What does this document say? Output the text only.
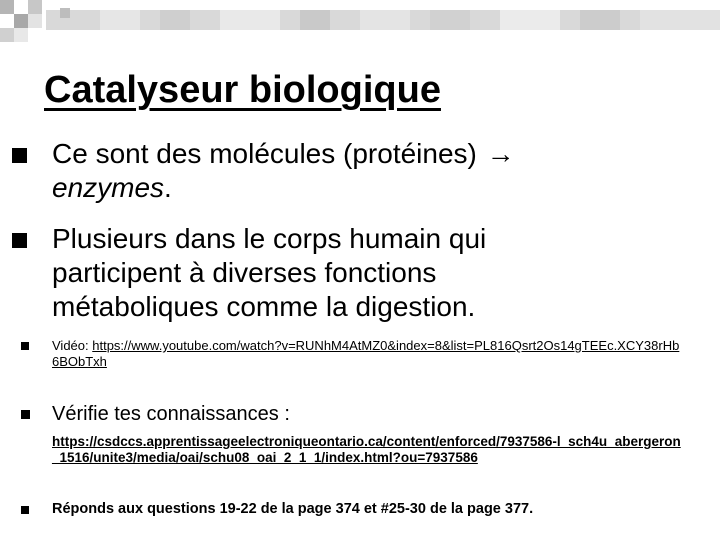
Catalyseur biologique
Ce sont des molécules (protéines) →
enzymes.
Plusieurs dans le corps humain qui participent à diverses fonctions métaboliques comme la digestion.
Vidéo: https://www.youtube.com/watch?v=RUNhM4AtMZ0&index=8&list=PL816Qsrt2Os14gTEEc.XCY38rHb6BObTxh
Vérifie tes connaissances :
https://csdccs.apprentissageelectroniqueontario.ca/content/enforced/7937586-l_sch4u_abergeron_1516/unite3/media/oai/schu08_oai_2_1_1/index.html?ou=7937586
Réponds aux questions 19-22 de la page 374 et #25-30 de la page 377.
